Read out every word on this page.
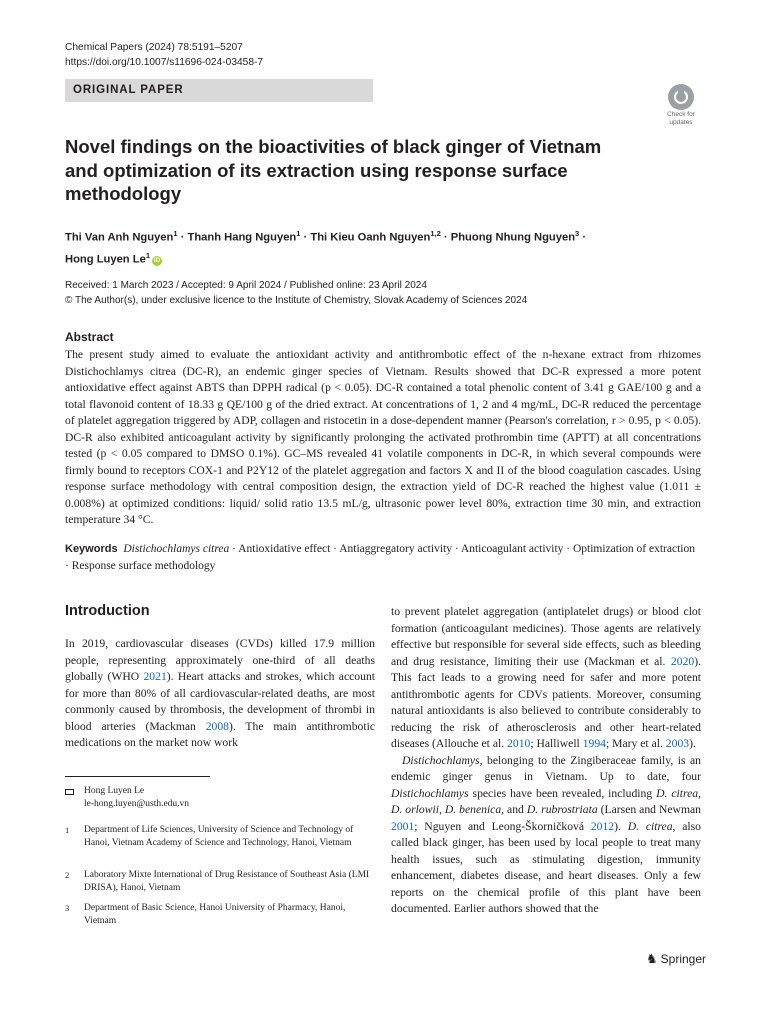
Chemical Papers (2024) 78:5191–5207
https://doi.org/10.1007/s11696-024-03458-7
ORIGINAL PAPER
Check for
updates
Novel findings on the bioactivities of black ginger of Vietnam and optimization of its extraction using response surface methodology
Thi Van Anh Nguyen$^1$ · Thanh Hang Nguyen$^1$ · Thi Kieu Oanh Nguyen$^{1,2}$ · Phuong Nhung Nguyen$^3$ ·
Hong Luyen Le$^1$iD
Received: 1 March 2023 / Accepted: 9 April 2024 / Published online: 23 April 2024
© The Author(s), under exclusive licence to the Institute of Chemistry, Slovak Academy of Sciences 2024
Abstract
The present study aimed to evaluate the antioxidant activity and antithrombotic effect of the n-hexane extract from rhizomes Distichochlamys citrea (DC-R), an endemic ginger species of Vietnam. Results showed that DC-R expressed a more potent antioxidative effect against ABTS than DPPH radical (p < 0.05). DC-R contained a total phenolic content of 3.41 g GAE/100 g and a total flavonoid content of 18.33 g QE/100 g of the dried extract. At concentrations of 1, 2 and 4 mg/mL, DC-R reduced the percentage of platelet aggregation triggered by ADP, collagen and ristocetin in a dose-dependent manner (Pearson's correlation, r > 0.95, p < 0.05). DC-R also exhibited anticoagulant activity by significantly prolonging the activated prothrombin time (APTT) at all concentrations tested (p < 0.05 compared to DMSO 0.1%). GC–MS revealed 41 volatile components in DC-R, in which several compounds were firmly bound to receptors COX-1 and P2Y12 of the platelet aggregation and factors X and II of the blood coagulation cascades. Using response surface methodology with central composition design, the extraction yield of DC-R reached the highest value (1.011 ± 0.008%) at optimized conditions: liquid/ solid ratio 13.5 mL/g, ultrasonic power level 80%, extraction time 30 min, and extraction temperature 34 °C.
Keywords Distichochlamys citrea · Antioxidative effect · Antiaggregatory activity · Anticoagulant activity · Optimization of extraction · Response surface methodology
Introduction

In 2019, cardiovascular diseases (CVDs) killed 17.9 million people, representing approximately one-third of all deaths globally (WHO 2021). Heart attacks and strokes, which account for more than 80% of all cardiovascular-related deaths, are most commonly caused by thrombosis, the development of thrombi in blood arteries (Mackman 2008). The main antithrombotic medications on the market now work

to prevent platelet aggregation (antiplatelet drugs) or blood clot formation (anticoagulant medicines). Those agents are relatively effective but responsible for several side effects, such as bleeding and drug resistance, limiting their use (Mackman et al. 2020). This fact leads to a growing need for safer and more potent antithrombotic agents for CDVs patients. Moreover, consuming natural antioxidants is also believed to contribute considerably to reducing the risk of atherosclerosis and other heart-related diseases (Allouche et al. 2010; Halliwell 1994; Mary et al. 2003).

Distichochlamys, belonging to the Zingiberaceae family, is an endemic ginger genus in Vietnam. Up to date, four Distichochlamys species have been revealed, including D. citrea, D. orlowii, D. benenica, and D. rubrostriata (Larsen and Newman 2001; Nguyen and Leong-Škorničková 2012). D. citrea, also called black ginger, has been used by local people to treat many health issues, such as stimulating digestion, immunity enhancement, diabetes disease, and heart diseases. Only a few reports on the chemical profile of this plant have been documented. Earlier authors showed that the

Hong Luyen Le
le-hong.luyen@usth.edu.vn
1	Department of Life Sciences, University of Science and Technology of Hanoi, Vietnam Academy of Science and Technology, Hanoi, Vietnam
2	Laboratory Mixte International of Drug Resistance of Southeast Asia (LMI DRISA), Hanoi, Vietnam
3	Department of Basic Science, Hanoi University of Pharmacy, Hanoi, Vietnam
♞ Springer
